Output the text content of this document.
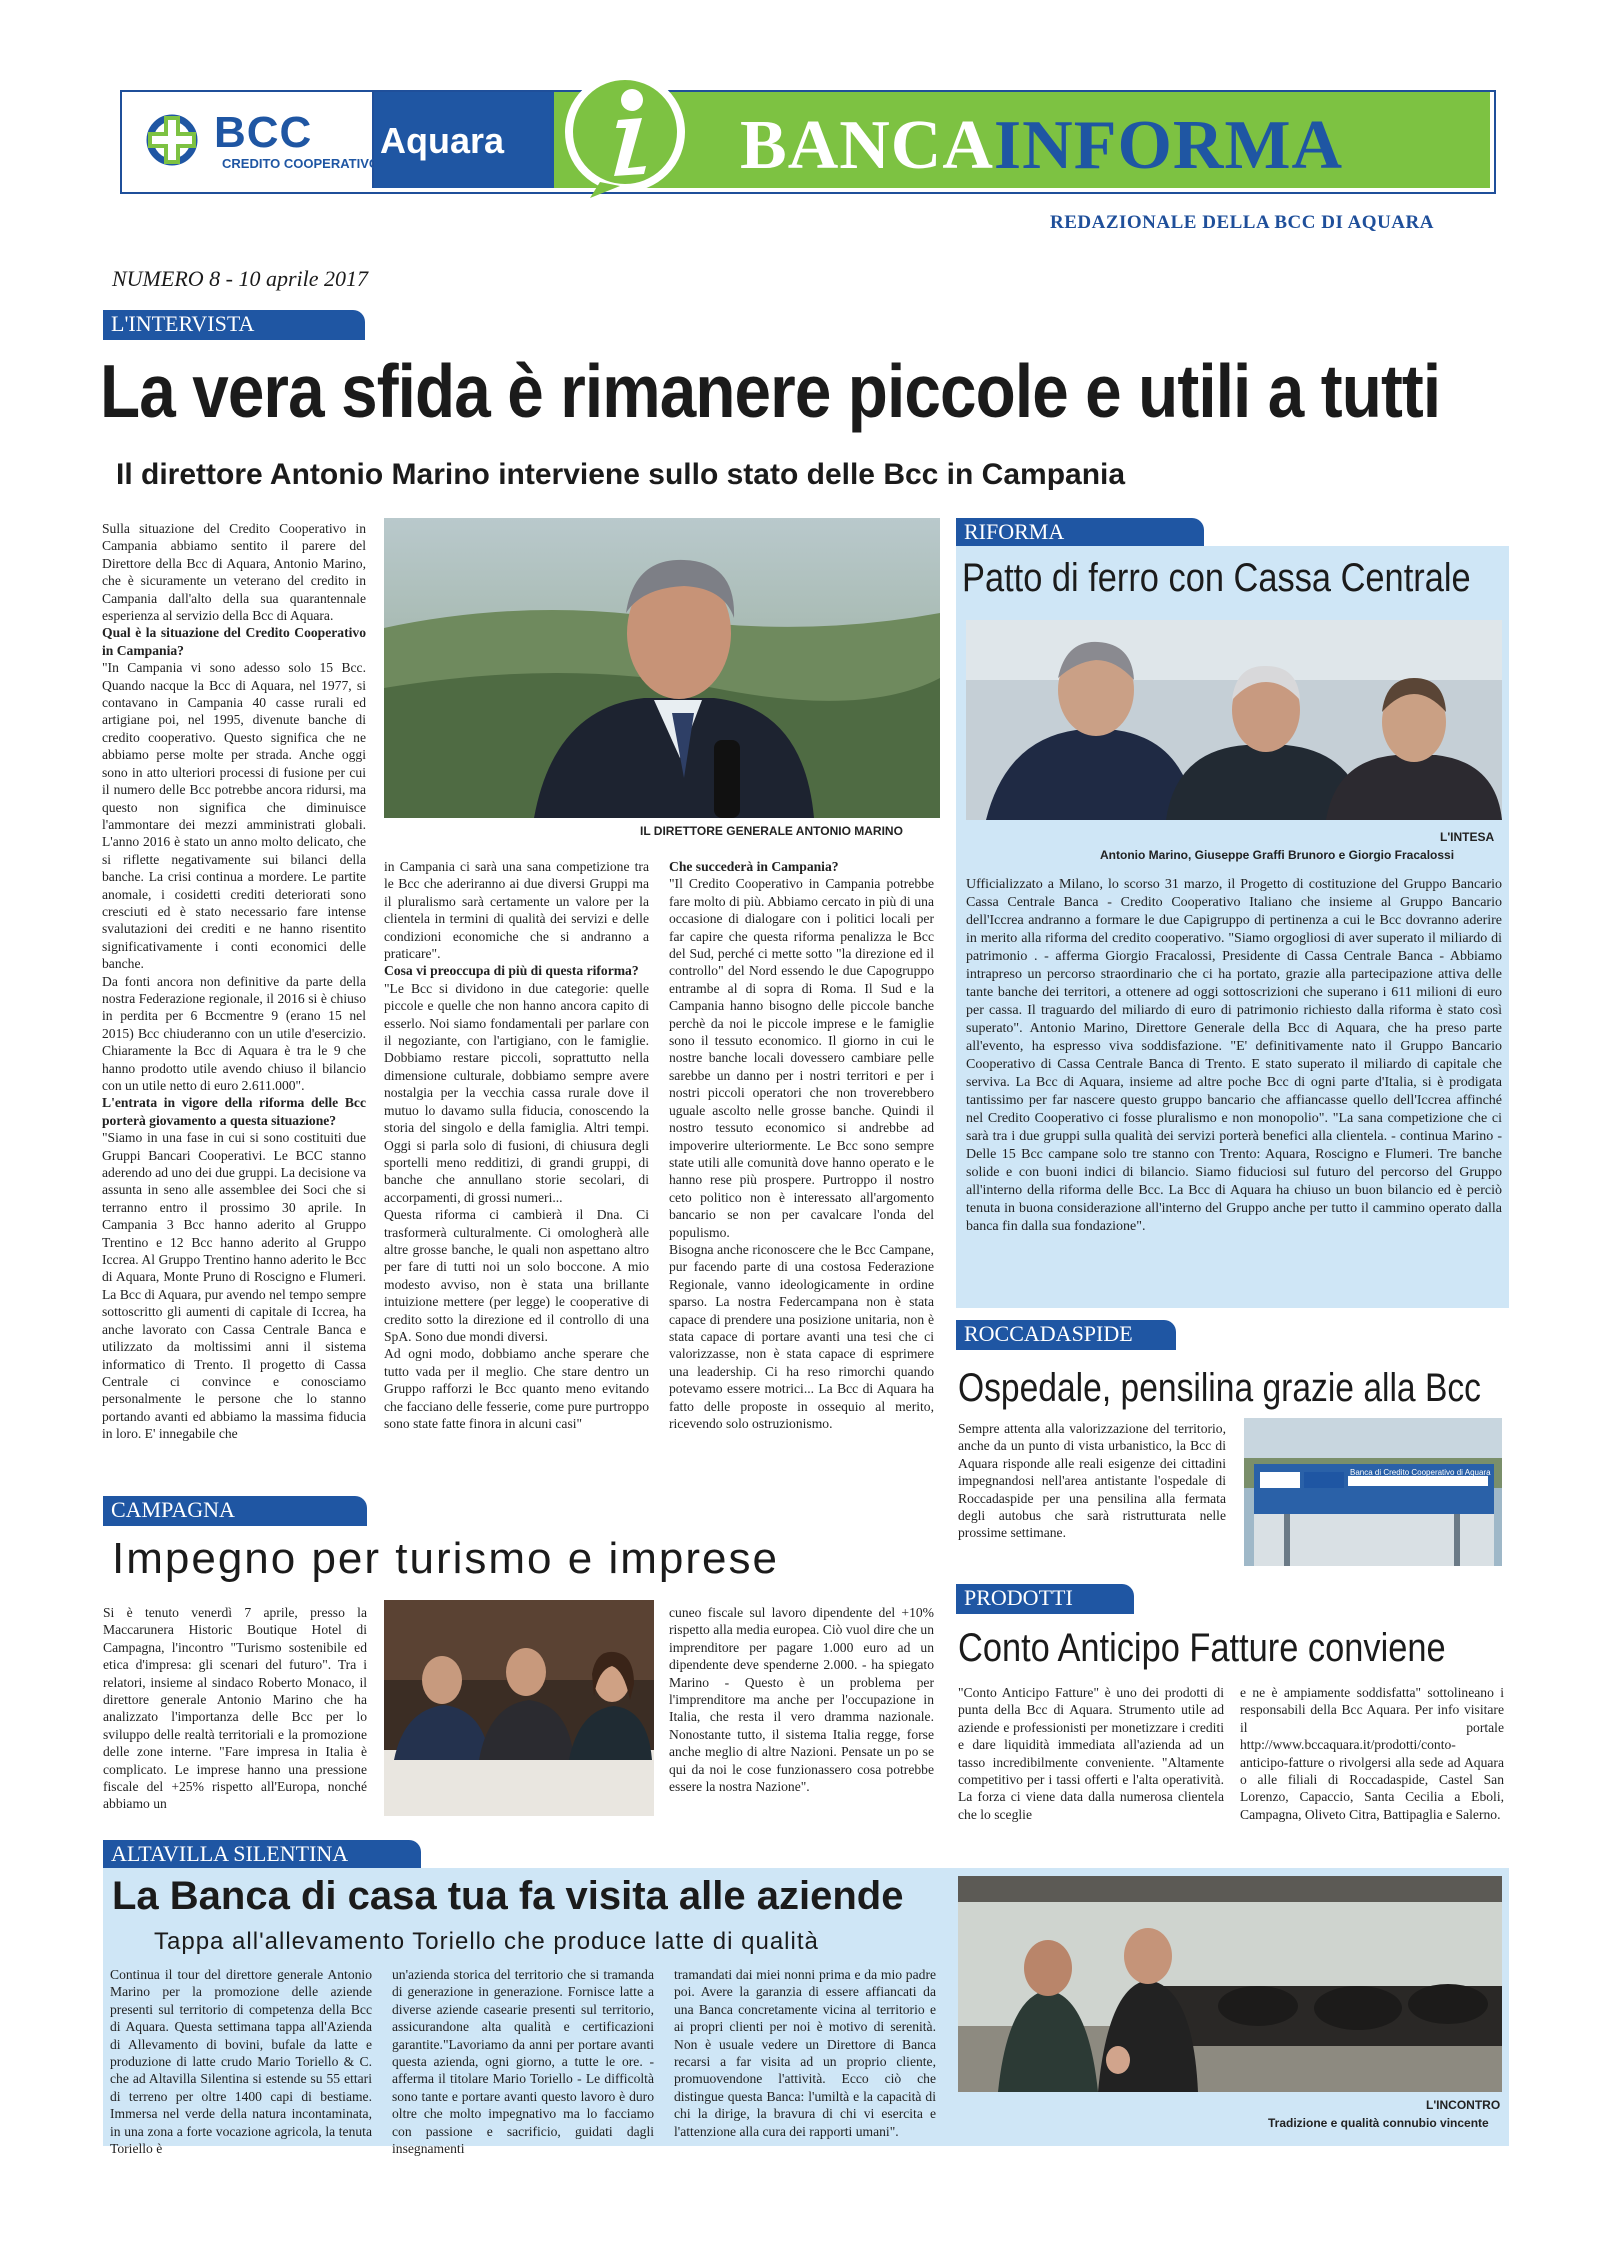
BCC
CREDITO COOPERATIVO
Aquara	BANCAINFORMA
REDAZIONALE DELLA BCC DI AQUARA
NUMERO 8 - 10 aprile 2017
L'INTERVISTA
La vera sfida è rimanere piccole e utili a tutti
Il direttore Antonio Marino interviene sullo stato delle Bcc in Campania

Sulla situazione del Credito Cooperativo in Campania abbiamo sentito il parere del Direttore della Bcc di Aquara, Antonio Marino, che è sicuramente un veterano del credito in Campania dall'alto della sua quarantennale esperienza al servizio della Bcc di Aquara.

Qual è la situazione del Credito Cooperativo in Campania?

"In Campania vi sono adesso solo 15 Bcc. Quando nacque la Bcc di Aquara, nel 1977, si contavano in Campania 40 casse rurali ed artigiane poi, nel 1995, divenute banche di credito cooperativo. Questo significa che ne abbiamo perse molte per strada. Anche oggi sono in atto ulteriori processi di fusione per cui il numero delle Bcc potrebbe ancora ridursi, ma questo non significa che diminuisce l'ammontare dei mezzi amministrati globali. L'anno 2016 è stato un anno molto delicato, che si riflette negativamente sui bilanci della banche. La crisi continua a mordere. Le partite anomale, i cosidetti crediti deteriorati sono cresciuti ed è stato necessario fare intense svalutazioni dei crediti e ne hanno risentito significativamente i conti economici delle banche.

Da fonti ancora non definitive da parte della nostra Federazione regionale, il 2016 si è chiuso in perdita per 6 Bccmentre 9 (erano 15 nel 2015) Bcc chiuderanno con un utile d'esercizio. Chiaramente la Bcc di Aquara è tra le 9 che hanno prodotto utile avendo chiuso il bilancio con un utile netto di euro 2.611.000".

L'entrata in vigore della riforma delle Bcc porterà giovamento a questa situazione?

"Siamo in una fase in cui si sono costituiti due Gruppi Bancari Cooperativi. Le BCC stanno aderendo ad uno dei due gruppi. La decisione va assunta in seno alle assemblee dei Soci che si terranno entro il prossimo 30 aprile. In Campania 3 Bcc hanno aderito al Gruppo Trentino e 12 Bcc hanno aderito al Gruppo Iccrea. Al Gruppo Trentino hanno aderito le Bcc di Aquara, Monte Pruno di Roscigno e Flumeri. La Bcc di Aquara, pur avendo nel tempo sempre sottoscritto gli aumenti di capitale di Iccrea, ha anche lavorato con Cassa Centrale Banca e utilizzato da moltissimi anni il sistema informatico di Trento. Il progetto di Cassa Centrale ci convince e conosciamo personalmente le persone che lo stanno portando avanti ed abbiamo la massima fiducia in loro. E' innegabile che

IL DIRETTORE GENERALE ANTONIO MARINO

in Campania ci sarà una sana competizione tra le Bcc che aderiranno ai due diversi Gruppi ma il pluralismo sarà certamente un valore per la clientela in termini di qualità dei servizi e delle condizioni economiche che si andranno a praticare".

Cosa vi preoccupa di più di questa riforma?

"Le Bcc si dividono in due categorie: quelle piccole e quelle che non hanno ancora capito di esserlo. Noi siamo fondamentali per parlare con il negoziante, con l'artigiano, con le famiglie. Dobbiamo restare piccoli, soprattutto nella dimensione culturale, dobbiamo sempre avere nostalgia per la vecchia cassa rurale dove il mutuo lo davamo sulla fiducia, conoscendo la storia del singolo e della famiglia. Altri tempi. Oggi si parla solo di fusioni, di chiusura degli sportelli meno redditizi, di grandi gruppi, di banche che annullano storie secolari, di accorpamenti, di grossi numeri...

Questa riforma ci cambierà il Dna. Ci trasformerà culturalmente. Ci omologherà alle altre grosse banche, le quali non aspettano altro per fare di tutti noi un solo boccone. A mio modesto avviso, non è stata una brillante intuizione mettere (per legge) le cooperative di credito sotto la direzione ed il controllo di una SpA. Sono due mondi diversi.

Ad ogni modo, dobbiamo anche sperare che tutto vada per il meglio. Che stare dentro un Gruppo rafforzi le Bcc quanto meno evitando che facciano delle fesserie, come pure purtroppo sono state fatte finora in alcuni casi"

Che succederà in Campania?

"Il Credito Cooperativo in Campania potrebbe fare molto di più. Abbiamo cercato in più di una occasione di dialogare con i politici locali per far capire che questa riforma penalizza le Bcc del Sud, perché ci mette sotto "la direzione ed il controllo" del Nord essendo le due Capogruppo entrambe al di sopra di Roma. Il Sud e la Campania hanno bisogno delle piccole banche perchè da noi le piccole imprese e le famiglie sono il tessuto economico. Il giorno in cui le nostre banche locali dovessero cambiare pelle sarebbe un danno per i nostri territori e per i nostri piccoli operatori che non troverebbero uguale ascolto nelle grosse banche. Quindi il nostro tessuto economico si andrebbe ad impoverire ulteriormente. Le Bcc sono sempre state utili alle comunità dove hanno operato e le hanno rese più prospere. Purtroppo il nostro ceto politico non è interessato all'argomento bancario se non per cavalcare l'onda del populismo.

Bisogna anche riconoscere che le Bcc Campane, pur facendo parte di una costosa Federazione Regionale, vanno ideologicamente in ordine sparso. La nostra Federcampana non è stata capace di prendere una posizione unitaria, non è stata capace di portare avanti una tesi che ci valorizzasse, non è stata capace di esprimere una leadership. Ci ha reso rimorchi quando potevamo essere motrici... La Bcc di Aquara ha fatto delle proposte in ossequio al merito, ricevendo solo ostruzionismo.

RIFORMA
Patto di ferro con Cassa Centrale
L'INTESA
Antonio Marino, Giuseppe Graffi Brunoro e Giorgio Fracalossi
Ufficializzato a Milano, lo scorso 31 marzo, il Progetto di costituzione del Gruppo Bancario Cassa Centrale Banca - Credito Cooperativo Italiano che insieme al Gruppo Bancario dell'Iccrea andranno a formare le due Capigruppo di pertinenza a cui le Bcc dovranno aderire in merito alla riforma del credito cooperativo. "Siamo orgogliosi di aver superato il miliardo di patrimonio . - afferma Giorgio Fracalossi, Presidente di Cassa Centrale Banca - Abbiamo intrapreso un percorso straordinario che ci ha portato, grazie alla partecipazione attiva delle tante banche dei territori, a ottenere ad oggi sottoscrizioni che superano i 611 milioni di euro per cassa. Il traguardo del miliardo di euro di patrimonio richiesto dalla riforma è stato così superato". Antonio Marino, Direttore Generale della Bcc di Aquara, che ha preso parte all'evento, ha espresso viva soddisfazione. "E' definitivamente nato il Gruppo Bancario Cooperativo di Cassa Centrale Banca di Trento. E stato superato il miliardo di capitale che serviva. La Bcc di Aquara, insieme ad altre poche Bcc di ogni parte d'Italia, si è prodigata tantissimo per far nascere questo gruppo bancario che affiancasse quello dell'Iccrea affinché nel Credito Cooperativo ci fosse pluralismo e non monopolio". "La sana competizione che ci sarà tra i due gruppi sulla qualità dei servizi porterà benefici alla clientela. - continua Marino - Delle 15 Bcc campane solo tre stanno con Trento: Aquara, Roscigno e Flumeri. Tre banche solide e con buoni indici di bilancio. Siamo fiduciosi sul futuro del percorso del Gruppo all'interno della riforma delle Bcc. La Bcc di Aquara ha chiuso un buon bilancio ed è perciò tenuta in buona considerazione all'interno del Gruppo anche per tutto il cammino operato dalla banca fin dalla sua fondazione".
ROCCADASPIDE
Ospedale, pensilina grazie alla Bcc
Sempre attenta alla valorizzazione del territorio, anche da un punto di vista urbanistico, la Bcc di Aquara risponde alle reali esigenze dei cittadini impegnandosi nell'area antistante l'ospedale di Roccadaspide per una pensilina alla fermata degli autobus che sarà ristrutturata nelle prossime settimane.
Banca di Credito Cooperativo di Aquara
CAMPAGNA
Impegno per turismo e imprese
Si è tenuto venerdì 7 aprile, presso la Maccarunera Historic Boutique Hotel di Campagna, l'incontro "Turismo sostenibile ed etica d'impresa: gli scenari del futuro". Tra i relatori, insieme al sindaco Roberto Monaco, il direttore generale Antonio Marino che ha analizzato l'importanza delle Bcc per lo sviluppo delle realtà territoriali e la promozione delle zone interne. "Fare impresa in Italia è complicato. Le imprese hanno una pressione fiscale del +25% rispetto all'Europa, nonché abbiamo un
cuneo fiscale sul lavoro dipendente del +10% rispetto alla media europea. Ciò vuol dire che un imprenditore per pagare 1.000 euro ad un dipendente deve spenderne 2.000. - ha spiegato Marino - Questo è un problema per l'imprenditore ma anche per l'occupazione in Italia, che resta il vero dramma nazionale. Nonostante tutto, il sistema Italia regge, forse anche meglio di altre Nazioni. Pensate un po se qui da noi le cose funzionassero cosa potrebbe essere la nostra Nazione".
PRODOTTI
Conto Anticipo Fatture conviene
"Conto Anticipo Fatture" è uno dei prodotti di punta della Bcc di Aquara. Strumento utile ad aziende e professionisti per monetizzare i crediti e dare liquidità immediata all'azienda ad un tasso incredibilmente conveniente. "Altamente competitivo per i tassi offerti e l'alta operatività. La forza ci viene data dalla numerosa clientela che lo sceglie
e ne è ampiamente soddisfatta" sottolineano i responsabili della Bcc Aquara. Per info visitare il portale http://www.bccaquara.it/prodotti/conto-anticipo-fatture o rivolgersi alla sede ad Aquara o alle filiali di Roccadaspide, Castel San Lorenzo, Capaccio, Santa Cecilia a Eboli, Campagna, Oliveto Citra, Battipaglia e Salerno.
ALTAVILLA SILENTINA
La Banca di casa tua fa visita alle aziende
Tappa all'allevamento Toriello che produce latte di qualità
Continua il tour del direttore generale Antonio Marino per la promozione delle aziende presenti sul territorio di competenza della Bcc di Aquara. Questa settimana tappa all'Azienda di Allevamento di bovini, bufale da latte e produzione di latte crudo Mario Toriello & C. che ad Altavilla Silentina si estende su 55 ettari di terreno per oltre 1400 capi di bestiame. Immersa nel verde della natura incontaminata, in una zona a forte vocazione agricola, la tenuta Toriello è
un'azienda storica del territorio che si tramanda di generazione in generazione. Fornisce latte a diverse aziende casearie presenti sul territorio, assicurandone alta qualità e certificazioni garantite."Lavoriamo da anni per portare avanti questa azienda, ogni giorno, a tutte le ore. - afferma il titolare Mario Toriello - Le difficoltà sono tante e portare avanti questo lavoro è duro oltre che molto impegnativo ma lo facciamo con passione e sacrificio, guidati dagli insegnamenti
tramandati dai miei nonni prima e da mio padre poi. Avere la garanzia di essere affiancati da una Banca concretamente vicina al territorio e ai propri clienti per noi è motivo di serenità. Non è usuale vedere un Direttore di Banca recarsi a far visita ad un proprio cliente, promuovendone l'attività. Ecco ciò che distingue questa Banca: l'umiltà e la capacità di chi la dirige, la bravura di chi vi esercita e l'attenzione alla cura dei rapporti umani".
L'INCONTRO
Tradizione e qualità connubio vincente
